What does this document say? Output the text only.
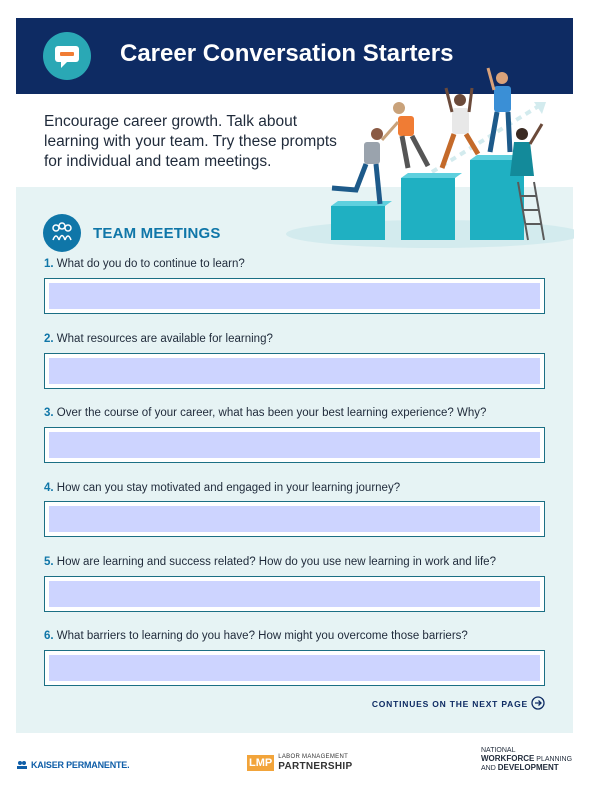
Career Conversation Starters
Encourage career growth. Talk about learning with your team. Try these prompts for individual and team meetings.
TEAM MEETINGS
1. What do you do to continue to learn?
2. What resources are available for learning?
3. Over the course of your career, what has been your best learning experience? Why?
4. How can you stay motivated and engaged in your learning journey?
5. How are learning and success related? How do you use new learning in work and life?
6. What barriers to learning do you have? How might you overcome those barriers?
CONTINUES ON THE NEXT PAGE
KAISER PERMANENTE.	LMP	LABOR MANAGEMENT
PARTNERSHIP
NATIONAL
WORKFORCE PLANNING
AND DEVELOPMENT
